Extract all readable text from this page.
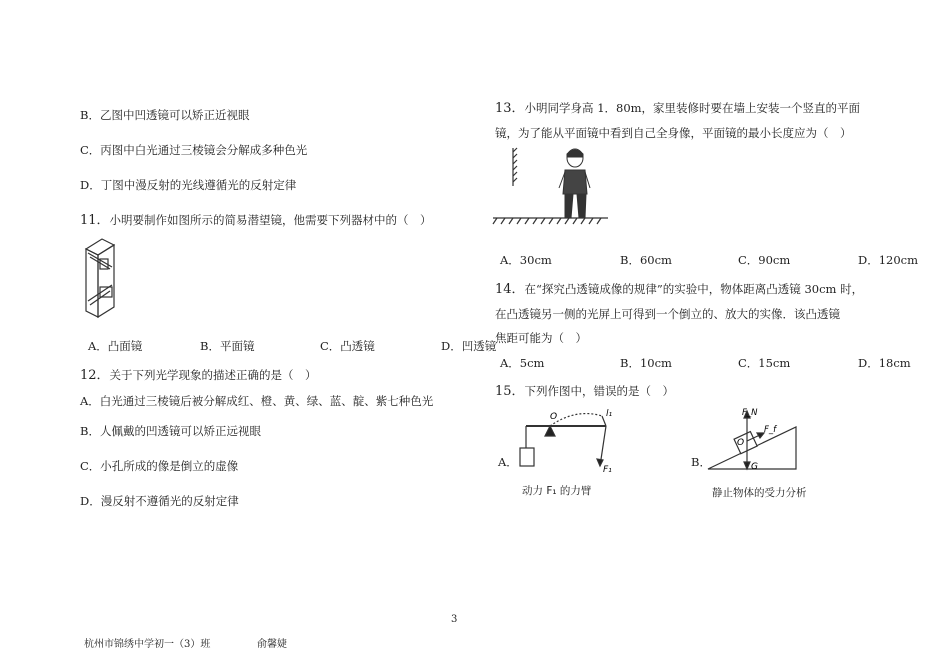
B．乙图中凹透镜可以矫正近视眼
C．丙图中白光通过三棱镜会分解成多种色光
D．丁图中漫反射的光线遵循光的反射定律
11．小明要制作如图所示的简易潜望镜，他需要下列器材中的（　）
A．凸面镜	B．平面镜	C．凸透镜	D．凹透镜
12．关于下列光学现象的描述正确的是（　）
A．白光通过三棱镜后被分解成红、橙、黄、绿、蓝、靛、紫七种色光
B．人佩戴的凹透镜可以矫正远视眼
C．小孔所成的像是倒立的虚像
D．漫反射不遵循光的反射定律
13．小明同学身高 1．80m，家里装修时要在墙上安装一个竖直的平面
镜，为了能从平面镜中看到自己全身像，平面镜的最小长度应为（　）
A．30cm	B．60cm	C．90cm	D．120cm
14．在“探究凸透镜成像的规律”的实验中，物体距离凸透镜 30cm 时，
在凸透镜另一侧的光屏上可得到一个倒立的、放大的实像．该凸透镜
焦距可能为（　）
A．5cm	B．10cm	C．15cm	D．18cm
15．下列作图中，错误的是（　）
A．
O	l₁
F₁
动力 F₁ 的力臂
B．
F_N
F_f
O
G
静止物体的受力分析
3
杭州市锦绣中学初一（3）班	俞馨婕
